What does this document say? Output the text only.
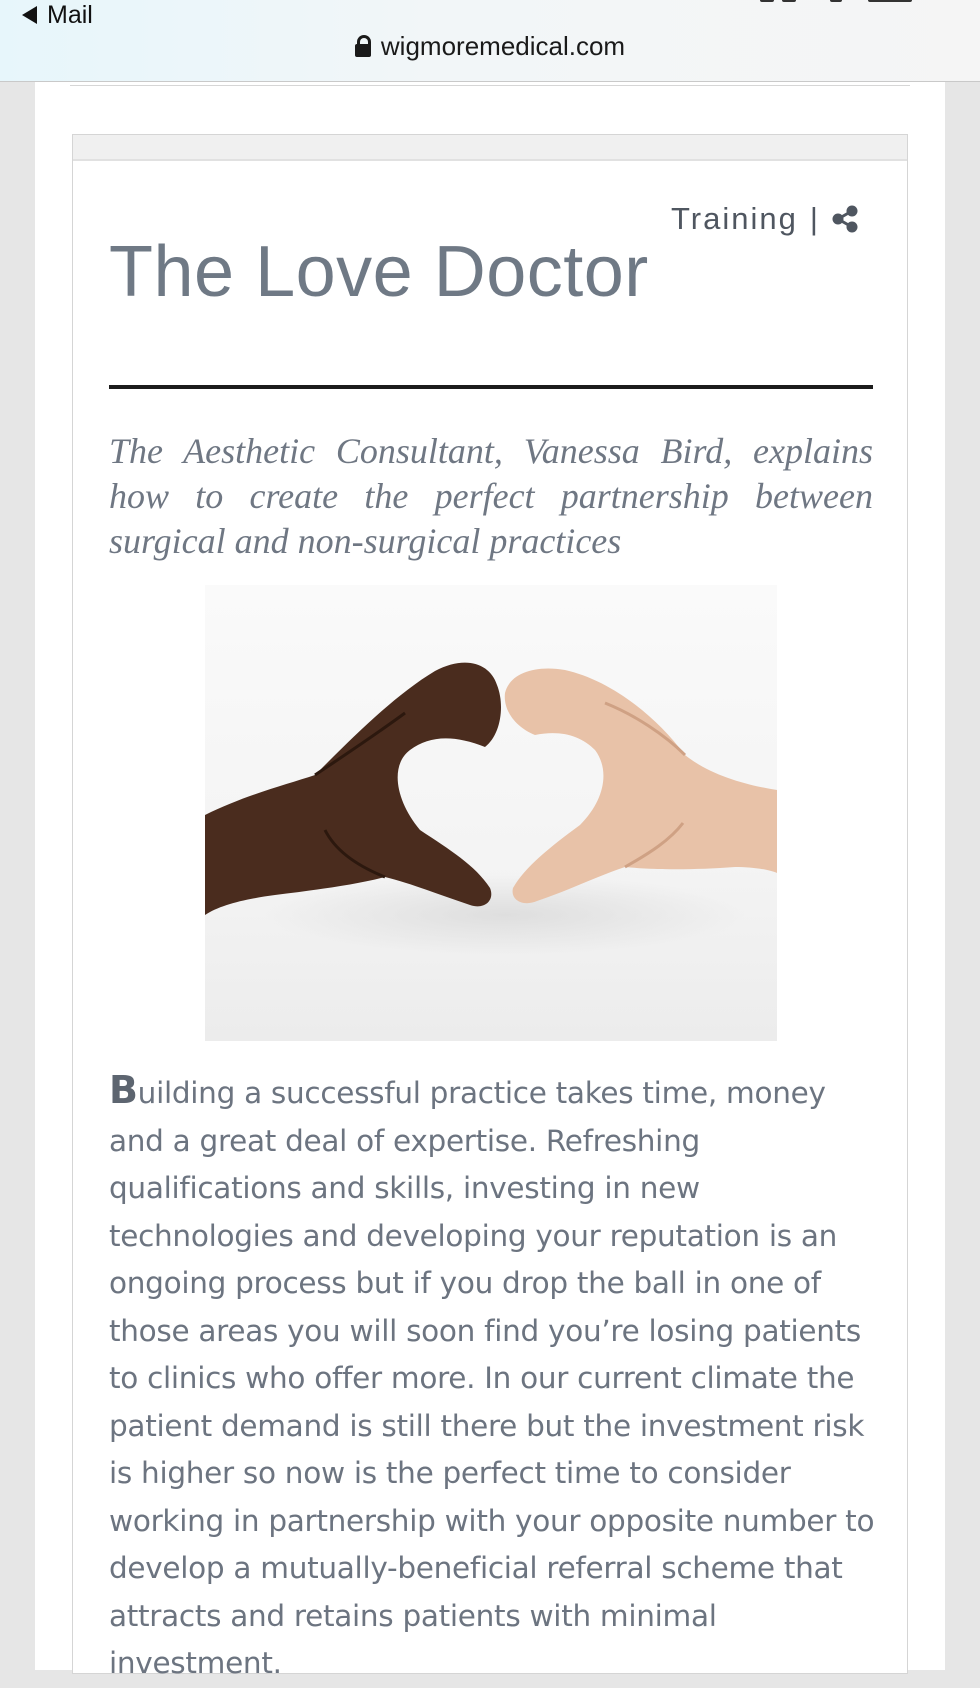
Mail
wigmoremedical.com
Training |
The Love Doctor

The Aesthetic Consultant, Vanessa Bird, explains how to create the perfect partnership between surgical and non-surgical practices

Building a successful practice takes time, money and a great deal of expertise. Refreshing qualifications and skills, investing in new technologies and developing your reputation is an ongoing process but if you drop the ball in one of those areas you will soon find you’re losing patients to clinics who offer more. In our current climate the patient demand is still there but the investment risk is higher so now is the perfect time to consider working in partnership with your opposite number to develop a mutually-beneficial referral scheme that attracts and retains patients with minimal investment.
